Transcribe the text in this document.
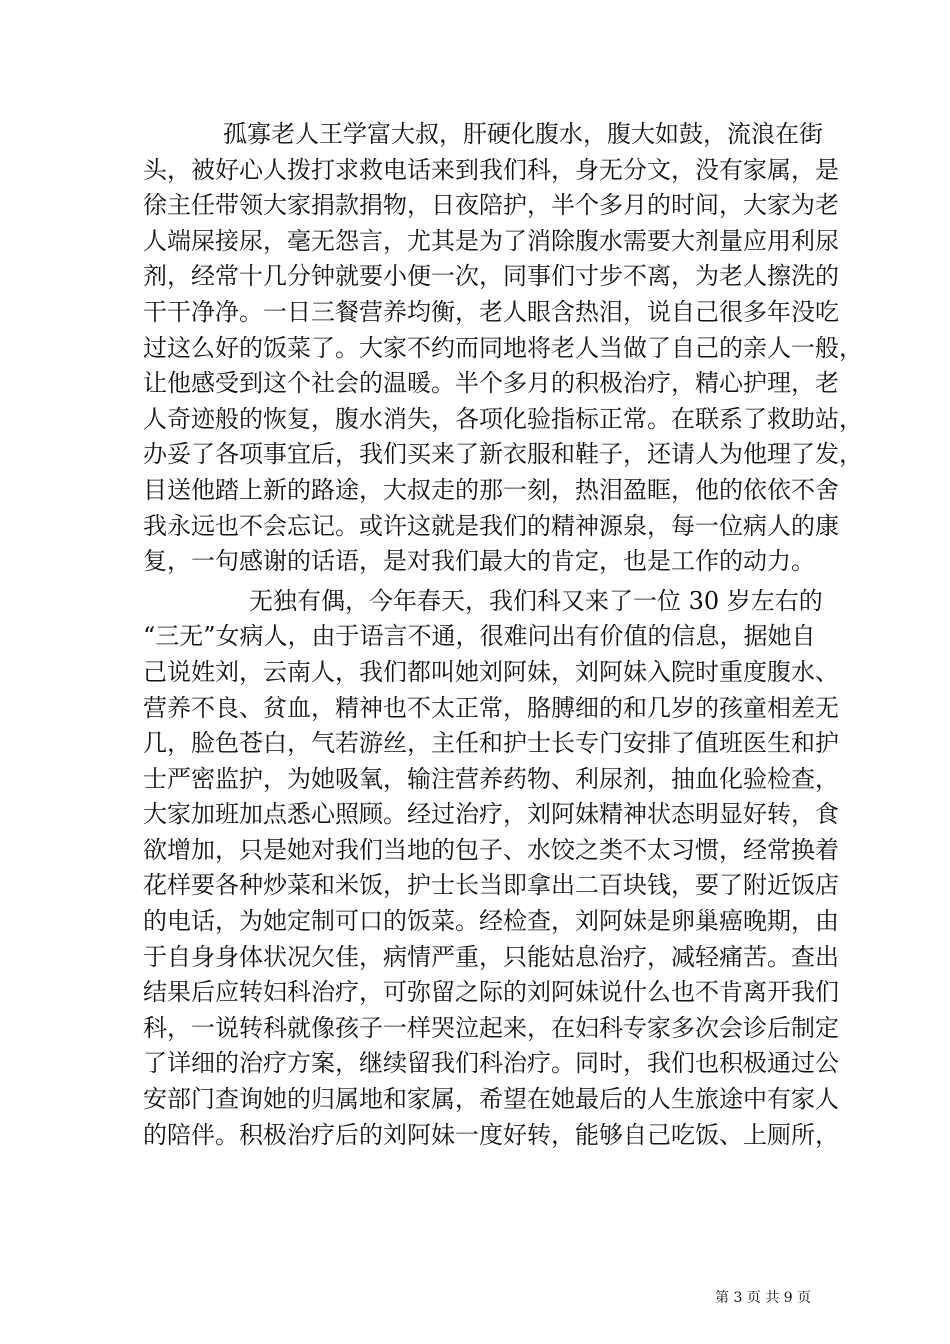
孤寡老人王学富大叔，肝硬化腹水，腹大如鼓，流浪在街
头，被好心人拨打求救电话来到我们科，身无分文，没有家属，是
徐主任带领大家捐款捐物，日夜陪护，半个多月的时间，大家为老
人端屎接尿，毫无怨言，尤其是为了消除腹水需要大剂量应用利尿
剂，经常十几分钟就要小便一次，同事们寸步不离，为老人擦洗的
干干净净。一日三餐营养均衡，老人眼含热泪，说自己很多年没吃
过这么好的饭菜了。大家不约而同地将老人当做了自己的亲人一般，
让他感受到这个社会的温暖。半个多月的积极治疗，精心护理，老
人奇迹般的恢复，腹水消失，各项化验指标正常。在联系了救助站，
办妥了各项事宜后，我们买来了新衣服和鞋子，还请人为他理了发，
目送他踏上新的路途，大叔走的那一刻，热泪盈眶，他的依依不舍
我永远也不会忘记。或许这就是我们的精神源泉，每一位病人的康
复，一句感谢的话语，是对我们最大的肯定，也是工作的动力。
无独有偶，今年春天，我们科又来了一位 30 岁左右的
“三无”女病人，由于语言不通，很难问出有价值的信息，据她自
己说姓刘，云南人，我们都叫她刘阿妹，刘阿妹入院时重度腹水、
营养不良、贫血，精神也不太正常，胳膊细的和几岁的孩童相差无
几，脸色苍白，气若游丝，主任和护士长专门安排了值班医生和护
士严密监护，为她吸氧，输注营养药物、利尿剂，抽血化验检查，
大家加班加点悉心照顾。经过治疗，刘阿妹精神状态明显好转，食
欲增加，只是她对我们当地的包子、水饺之类不太习惯，经常换着
花样要各种炒菜和米饭，护士长当即拿出二百块钱，要了附近饭店
的电话，为她定制可口的饭菜。经检查，刘阿妹是卵巢癌晚期，由
于自身身体状况欠佳，病情严重，只能姑息治疗，减轻痛苦。查出
结果后应转妇科治疗，可弥留之际的刘阿妹说什么也不肯离开我们
科，一说转科就像孩子一样哭泣起来，在妇科专家多次会诊后制定
了详细的治疗方案，继续留我们科治疗。同时，我们也积极通过公
安部门查询她的归属地和家属，希望在她最后的人生旅途中有家人
的陪伴。积极治疗后的刘阿妹一度好转，能够自己吃饭、上厕所，
第 3 页 共 9 页
